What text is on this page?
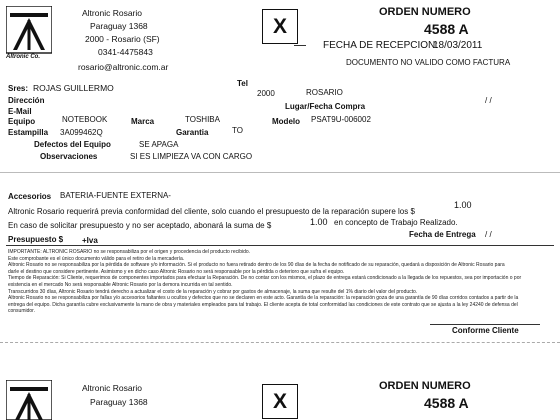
Altronic Co.
Altronic Rosario
Paraguay 1368
2000 - Rosario (SF)
0341-4475843
rosario@altronic.com.ar
X
ORDEN NUMERO
4588 A
FECHA DE RECEPCION:
18/03/2011
DOCUMENTO NO VALIDO COMO FACTURA
Sres: ROJAS GUILLERMO	Tel
2000	ROSARIO
Dirección
Lugar/Fecha Compra
/ /
E-Mail
Equipo	NOTEBOOK	Marca	TOSHIBA	Modelo PSAT9U-006002
Estampilla 3A099462Q	Garantia	TO
Defectos del Equipo	SE APAGA
Observaciones	SI ES LIMPIEZA VA CON CARGO
Accesorios BATERIA-FUENTE EXTERNA-
Altronic Rosario requerirá previa conformidad del cliente, solo cuando el presupuesto de la reparación supere los $
1.00
En caso de solicitar presupuesto y no ser aceptado, abonará la suma de $	1.00 en concepto de Trabajo Realizado.
Presupuesto $ +Iva
Fecha de Entrega / /

IMPORTANTE: ALTRONIC ROSARIO no se responsabiliza por el origen y procedencia del producto recibido.

Este comprobante es el único documento válido para el retiro de la mercadería.

Altronic Rosario no se responsabiliza por la pérdida de software y/o información. Si el producto no fuera retirado dentro de los 90 días de la fecha de notificado de su reparación, quedará a disposición de Altronic Rosario para

darle el destino que considere pertinente. Asimismo y en dicho caso Altronic Rosario no será responsable por la pérdida o deterioro que sufra el equipo.

Tiempo de Reparación: Si Cliente, requerimos de componentes importados para efectuar la Reparación. De no contar con los mismos, el plazo de entrega estará condicionado a la llegada de los repuestos, sea por importación o por

existencia en el mercado No será responsable Altronic Rosario por la demora incurrida en tal sentido.

Transcurridos 30 días, Altronic Rosario tendrá derecho a actualizar el costo de la reparación y cobrar por gastos de almacenaje, la suma que resulte del 1% diario del valor del producto.

Altronic Rosario no se responsabiliza por fallas y/o accesorios faltantes u ocultos y defectos que no se declaren en este acto. Garantía de la reparación: la reparación goza de una garantía de 90 días corridos contados a partir de la

entrega del equipo. Dicha garantía cubre exclusivamente la mano de obra y materiales empleados para tal trabajo. El cliente acepta de total conformidad las condiciones de este contrato que se ajusta a la ley 24240 de defensa del

consumidor.

Conforme Cliente
Altronic Rosario
Paraguay 1368	X
ORDEN NUMERO
4588 A
